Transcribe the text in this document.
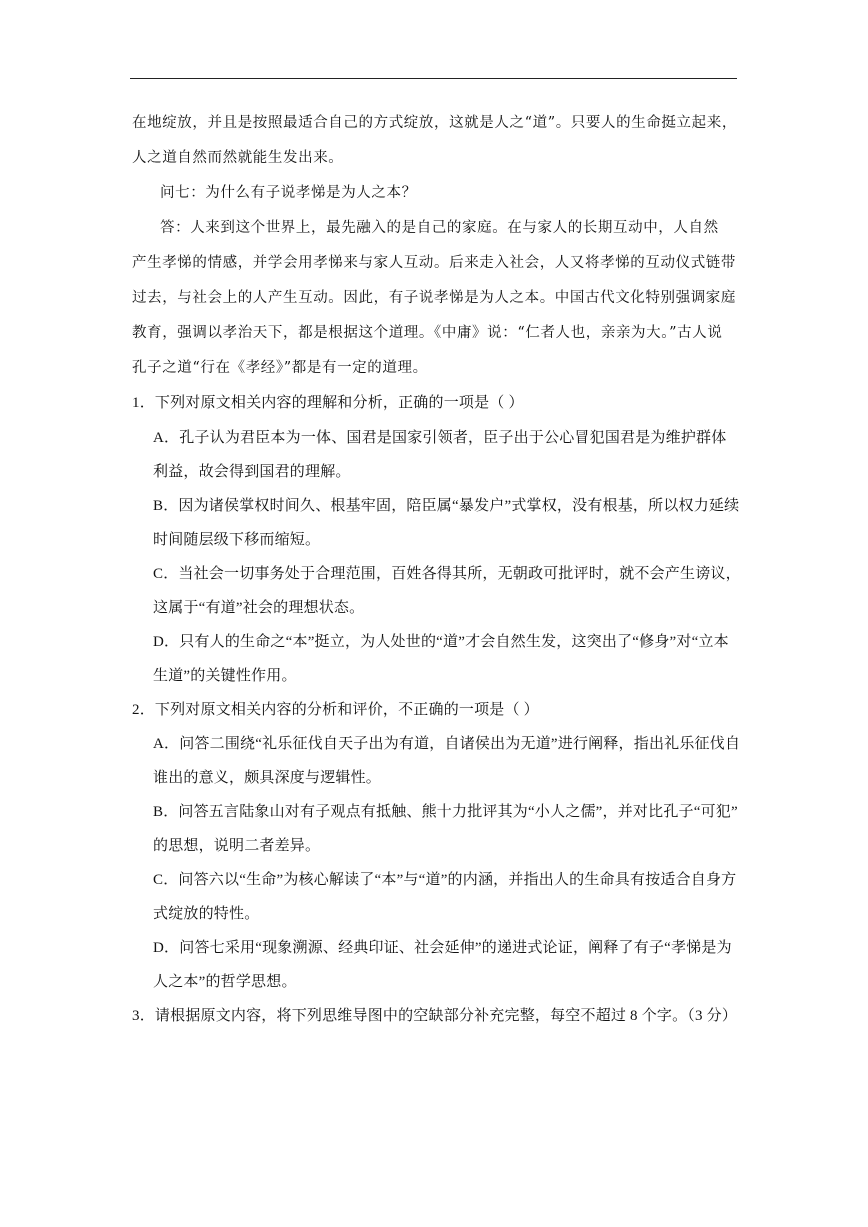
在地绽放，并且是按照最适合自己的方式绽放，这就是人之“道”。只要人的生命挺立起来，
人之道自然而然就能生发出来。
问七：为什么有子说孝悌是为人之本？
答：人来到这个世界上，最先融入的是自己的家庭。在与家人的长期互动中，人自然
产生孝悌的情感，并学会用孝悌来与家人互动。后来走入社会，人又将孝悌的互动仪式链带
过去，与社会上的人产生互动。因此，有子说孝悌是为人之本。中国古代文化特别强调家庭
教育，强调以孝治天下，都是根据这个道理。《中庸》说：“仁者人也，亲亲为大。”古人说
孔子之道“行在《孝经》”都是有一定的道理。
1．下列对原文相关内容的理解和分析，正确的一项是（ ）
A．孔子认为君臣本为一体、国君是国家引领者，臣子出于公心冒犯国君是为维护群体
利益，故会得到国君的理解。
B．因为诸侯掌权时间久、根基牢固，陪臣属“暴发户”式掌权，没有根基，所以权力延续
时间随层级下移而缩短。
C．当社会一切事务处于合理范围，百姓各得其所，无朝政可批评时，就不会产生谤议，
这属于“有道”社会的理想状态。
D．只有人的生命之“本”挺立，为人处世的“道”才会自然生发，这突出了“修身”对“立本
生道”的关键性作用。
2．下列对原文相关内容的分析和评价，不正确的一项是（ ）
A．问答二围绕“礼乐征伐自天子出为有道，自诸侯出为无道”进行阐释，指出礼乐征伐自
谁出的意义，颇具深度与逻辑性。
B．问答五言陆象山对有子观点有抵触、熊十力批评其为“小人之儒”，并对比孔子“可犯”
的思想，说明二者差异。
C．问答六以“生命”为核心解读了“本”与“道”的内涵，并指出人的生命具有按适合自身方
式绽放的特性。
D．问答七采用“现象溯源、经典印证、社会延伸”的递进式论证，阐释了有子“孝悌是为
人之本”的哲学思想。
3．请根据原文内容，将下列思维导图中的空缺部分补充完整，每空不超过 8 个字。（3 分）
